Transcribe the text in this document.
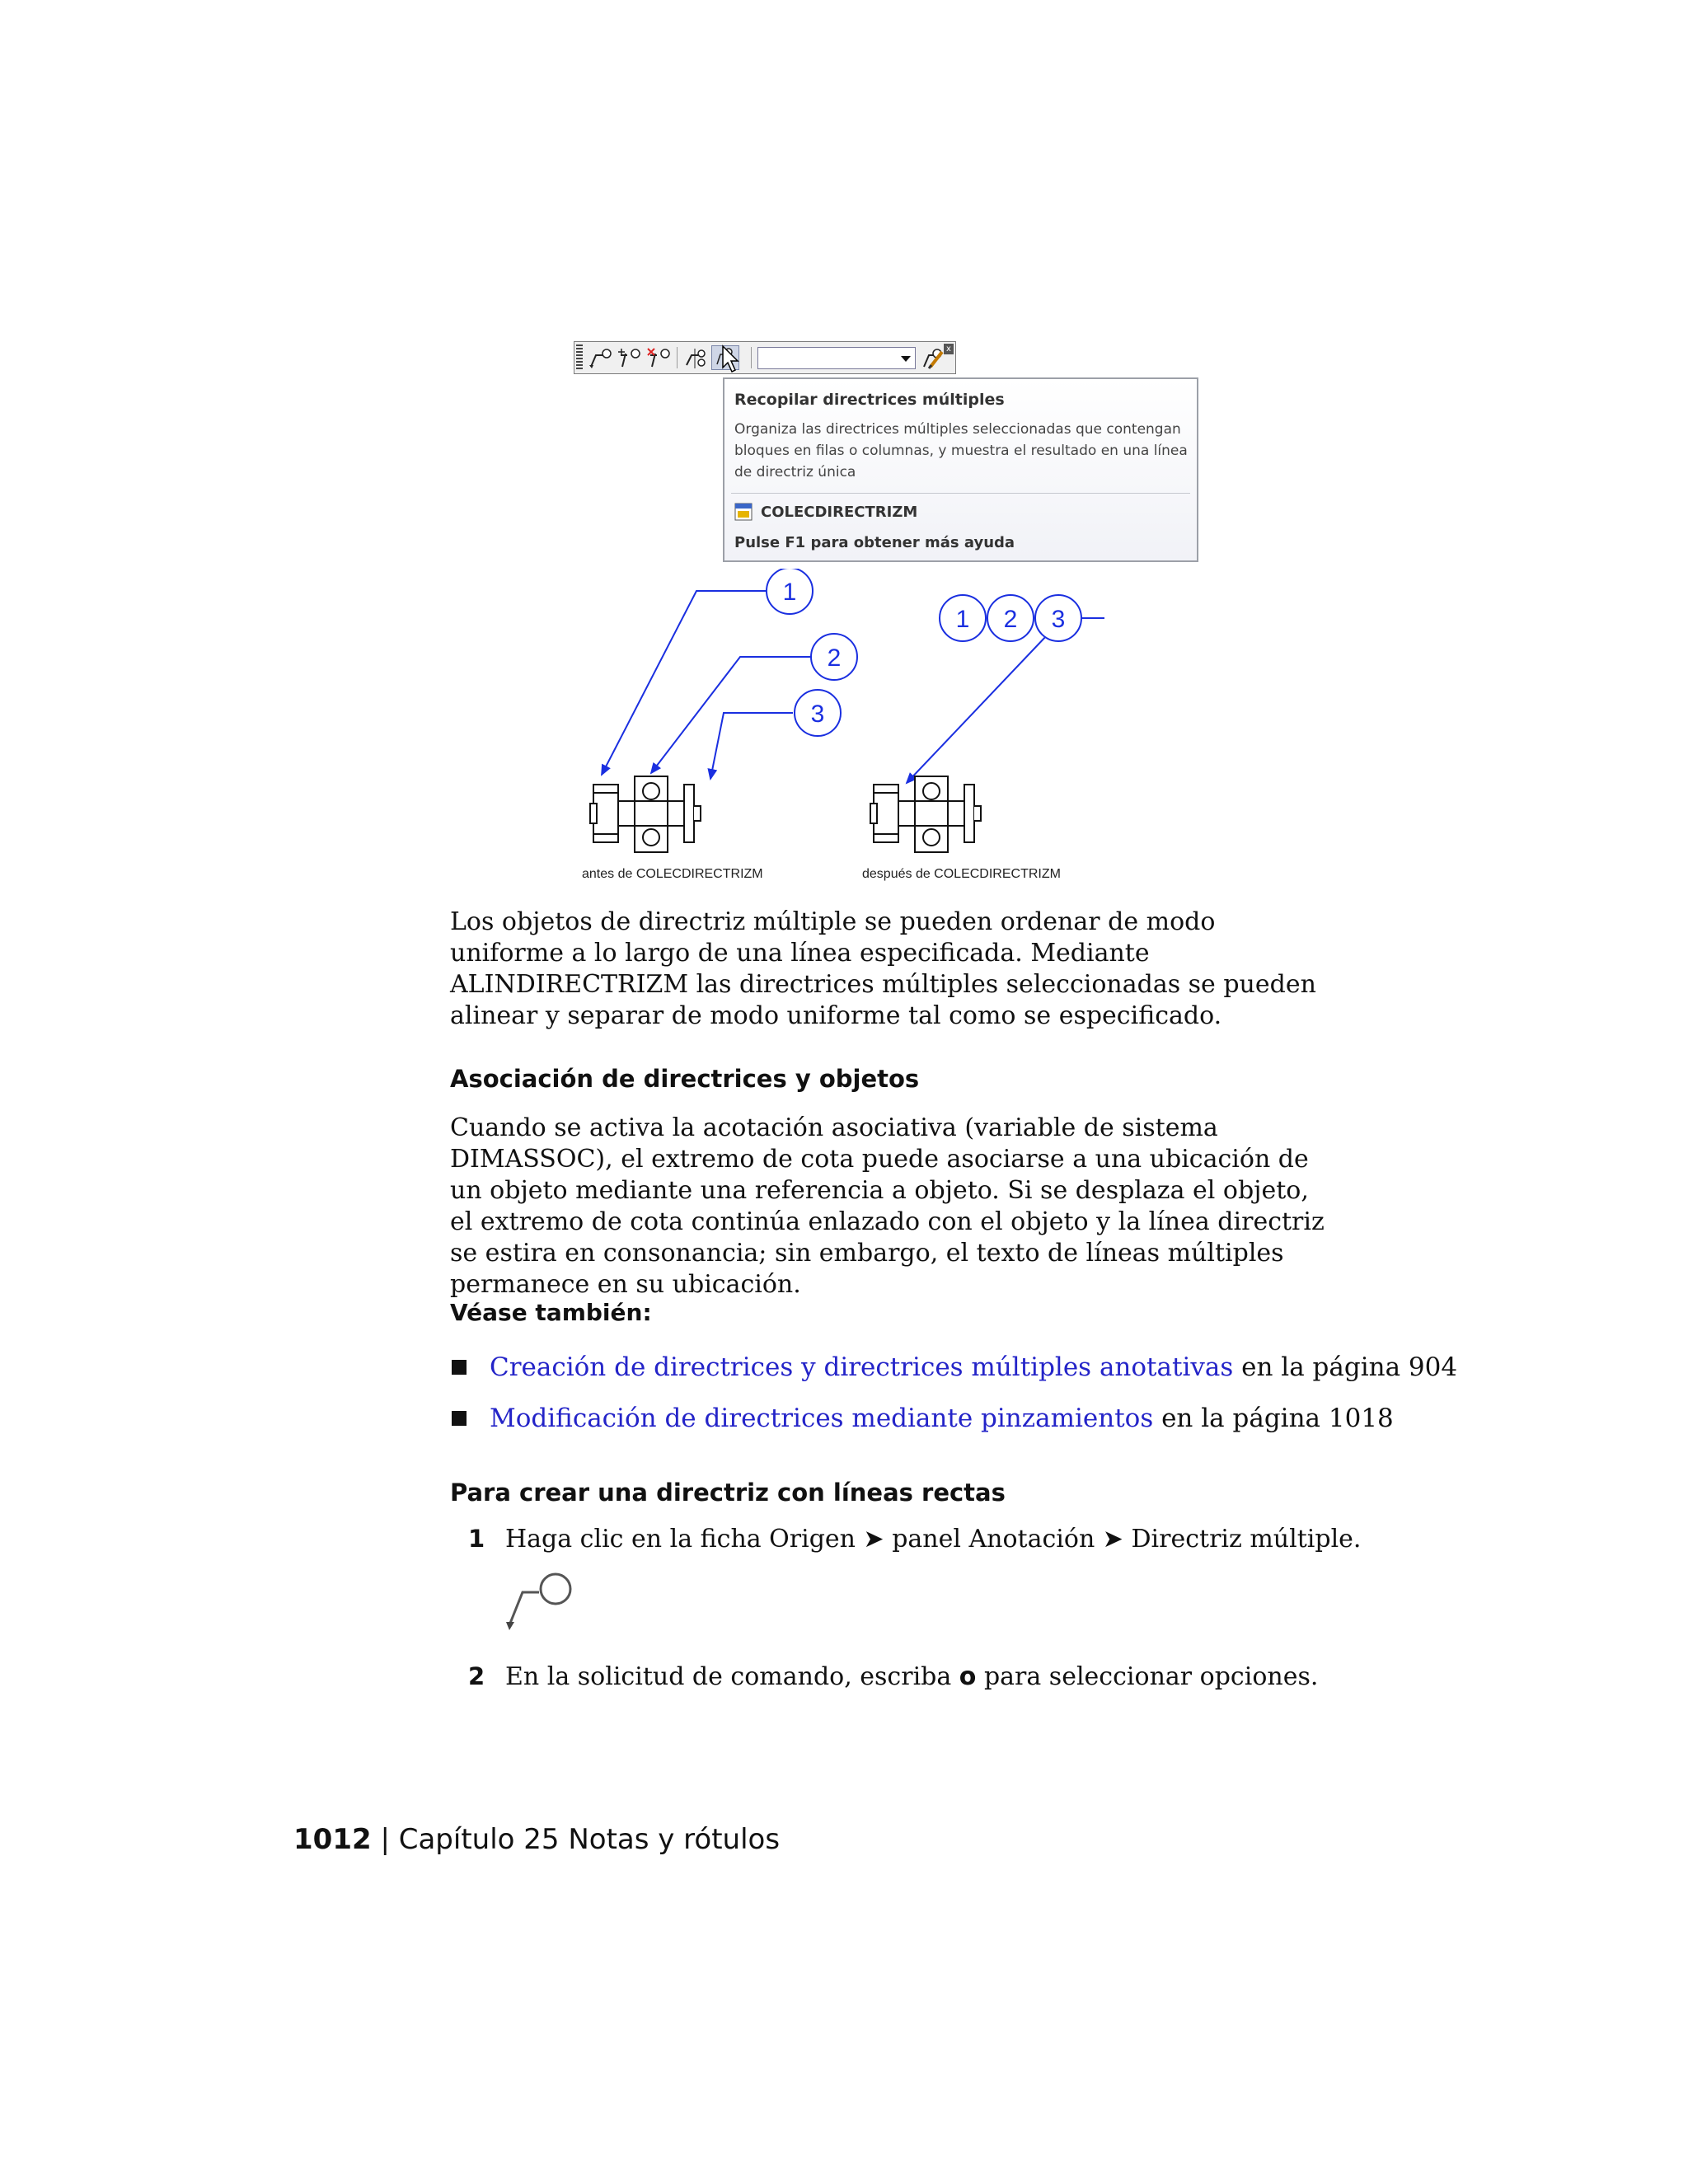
x
Recopilar directrices múltiples
Organiza las directrices múltiples seleccionadas que contengan bloques en filas o columnas, y muestra el resultado en una línea de directriz única
COLECDIRECTRIZM
Pulse F1 para obtener más ayuda
1
2
3
1 2 3
antes de COLECDIRECTRIZM	después de COLECDIRECTRIZM

Los objetos de directriz múltiple se pueden ordenar de modo uniforme a lo largo de una línea especificada. Mediante ALINDIRECTRIZM las directrices múltiples seleccionadas se pueden alinear y separar de modo uniforme tal como se especificado.

Asociación de directrices y objetos

Cuando se activa la acotación asociativa (variable de sistema DIMASSOC), el extremo de cota puede asociarse a una ubicación de un objeto mediante una referencia a objeto. Si se desplaza el objeto, el extremo de cota continúa enlazado con el objeto y la línea directriz se estira en consonancia; sin embargo, el texto de líneas múltiples permanece en su ubicación.

Véase también:
Creación de directrices y directrices múltiples anotativas en la página 904
Modificación de directrices mediante pinzamientos en la página 1018
Para crear una directriz con líneas rectas
1 Haga clic en la ficha Origen ➤ panel Anotación ➤ Directriz múltiple.
2 En la solicitud de comando, escriba o para seleccionar opciones.
1012 | Capítulo 25 Notas y rótulos
